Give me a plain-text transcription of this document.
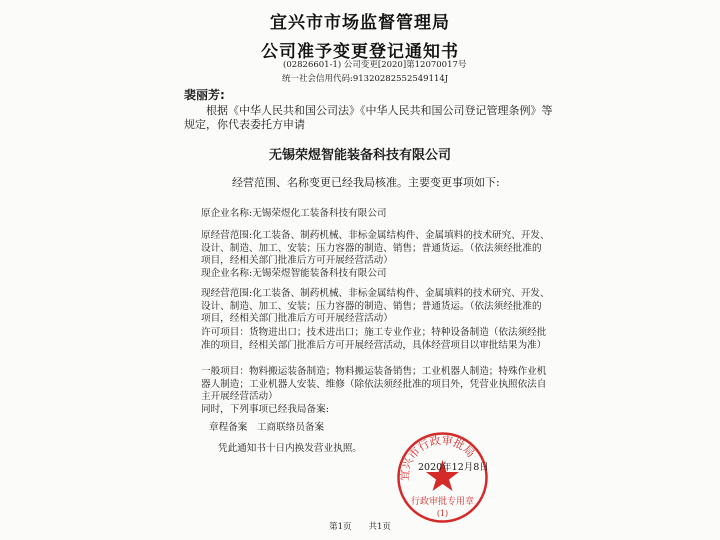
宜兴市市场监督管理局
公司准予变更登记通知书
(02826601-1) 公司变更[2020]第12070017号
统一社会信用代码:91320282552549114J
裴丽芳:
根据《中华人民共和国公司法》《中华人民共和国公司登记管理条例》等规定，你代表委托方申请
无锡荣煜智能装备科技有限公司
经营范围、名称变更已经我局核准。主要变更事项如下:
原企业名称:无锡荣煜化工装备科技有限公司
原经营范围:化工装备、制药机械、非标金属结构件、金属填料的技术研究、开发、设计、制造、加工、安装；压力容器的制造、销售；普通货运。（依法须经批准的项目，经相关部门批准后方可开展经营活动）
现企业名称:无锡荣煜智能装备科技有限公司
现经营范围:化工装备、制药机械、非标金属结构件、金属填料的技术研究、开发、设计、制造、加工、安装；压力容器的制造、销售；普通货运。（依法须经批准的项目，经相关部门批准后方可开展经营活动）
许可项目：货物进出口；技术进出口；施工专业作业；特种设备制造（依法须经批准的项目，经相关部门批准后方可开展经营活动，具体经营项目以审批结果为准）
一般项目：物料搬运装备制造；物料搬运装备销售；工业机器人制造；特殊作业机器人制造；工业机器人安装、维修（除依法须经批准的项目外，凭营业执照依法自主开展经营活动）
同时，下列事项已经我局备案:
章程备案　工商联络员备案
凭此通知书十日内换发营业执照。
宜兴市行政审批局
行政审批专用章
(1)
2020年12月8日
第1页　　共1页
